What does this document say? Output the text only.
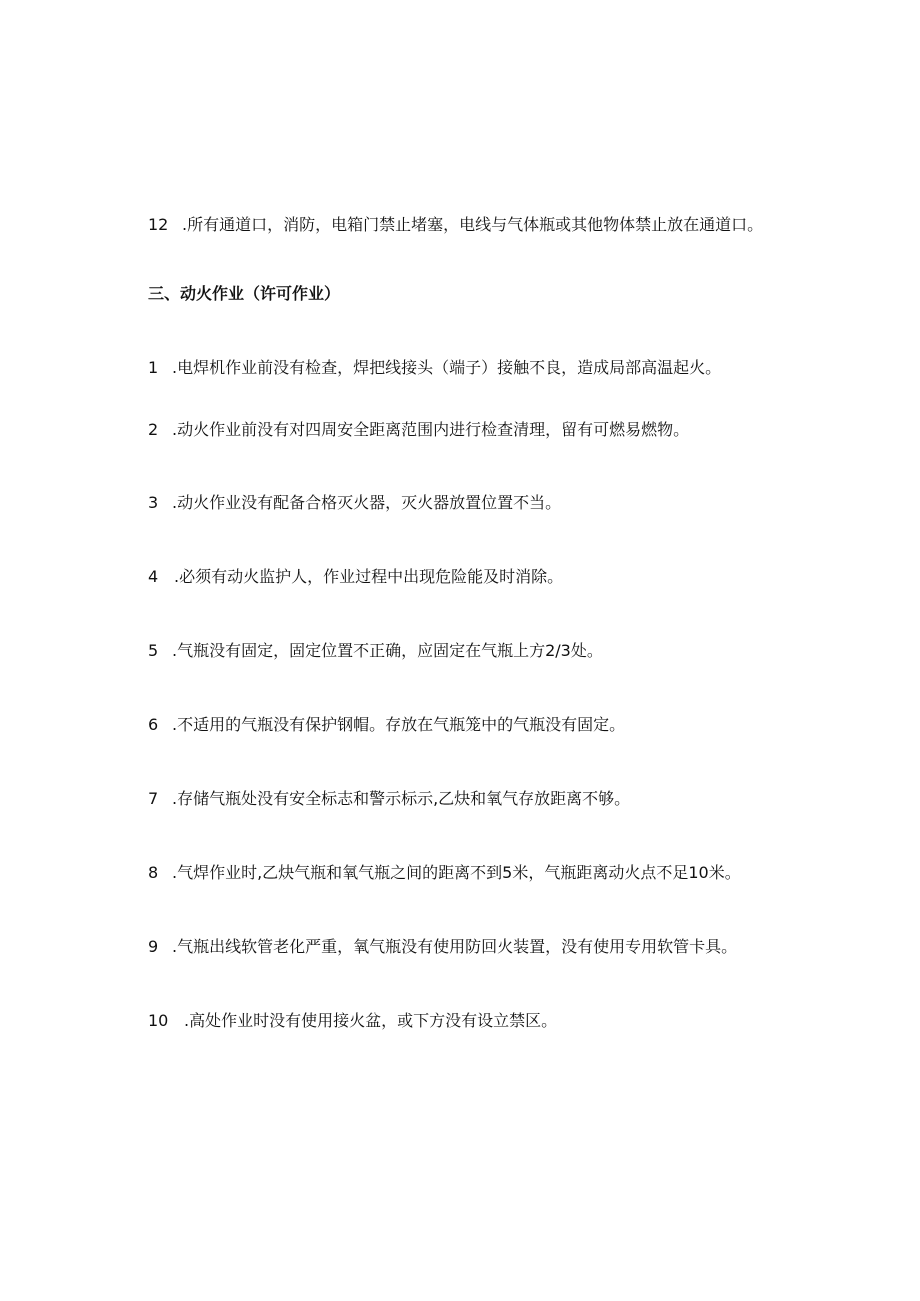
12 .所有通道口，消防，电箱门禁止堵塞，电线与气体瓶或其他物体禁止放在通道口。
三、动火作业（许可作业）
1 .电焊机作业前没有检查，焊把线接头（端子）接触不良，造成局部高温起火。
2 .动火作业前没有对四周安全距离范围内进行检查清理，留有可燃易燃物。
3 .动火作业没有配备合格灭火器，灭火器放置位置不当。
4 .必须有动火监护人，作业过程中出现危险能及时消除。
5 .气瓶没有固定，固定位置不正确，应固定在气瓶上方2/3处。
6 .不适用的气瓶没有保护钢帽。存放在气瓶笼中的气瓶没有固定。
7 .存储气瓶处没有安全标志和警示标示,乙炔和氧气存放距离不够。
8 .气焊作业时,乙炔气瓶和氧气瓶之间的距离不到5米，气瓶距离动火点不足10米。
9 .气瓶出线软管老化严重，氧气瓶没有使用防回火装置，没有使用专用软管卡具。
10 .高处作业时没有使用接火盆，或下方没有设立禁区。
